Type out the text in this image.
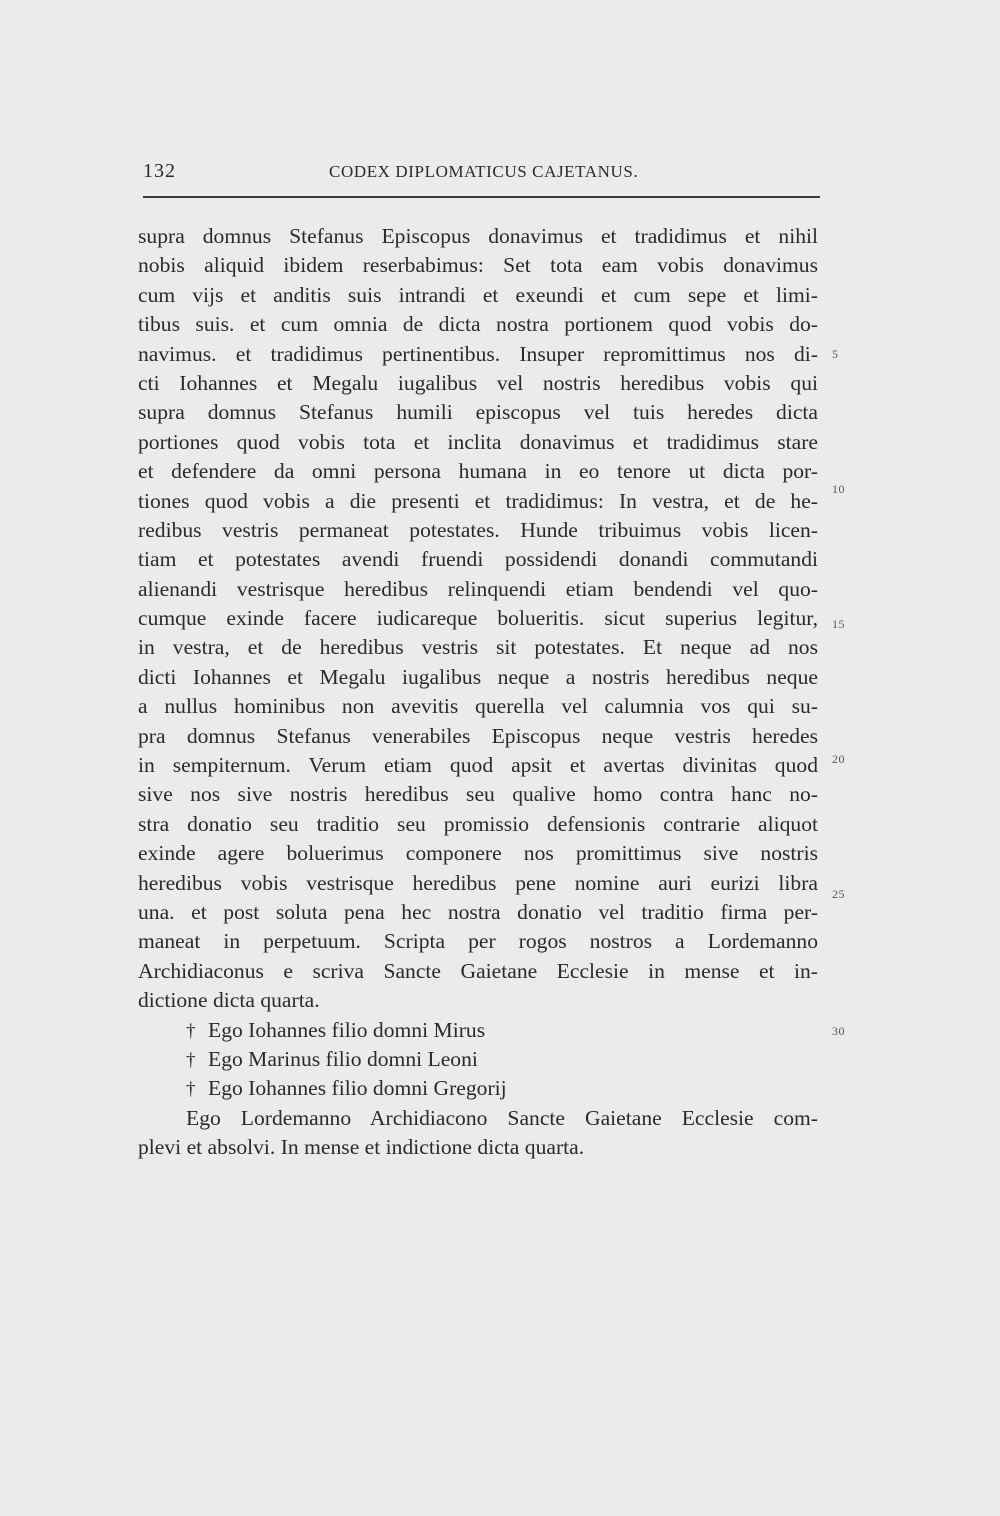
132	CODEX DIPLOMATICUS CAJETANUS.
supra domnus Stefanus Episcopus donavimus et tradidimus et nihil
nobis aliquid ibidem reserbabimus: Set tota eam vobis donavimus
cum vijs et anditis suis intrandi et exeundi et cum sepe et limi-
tibus suis. et cum omnia de dicta nostra portionem quod vobis do-
navimus. et tradidimus pertinentibus. Insuper repromittimus nos di-
cti Iohannes et Megalu iugalibus vel nostris heredibus vobis qui
supra domnus Stefanus humili episcopus vel tuis heredes dicta
portiones quod vobis tota et inclita donavimus et tradidimus stare
et defendere da omni persona humana in eo tenore ut dicta por-
tiones quod vobis a die presenti et tradidimus: In vestra, et de he-
redibus vestris permaneat potestates. Hunde tribuimus vobis licen-
tiam et potestates avendi fruendi possidendi donandi commutandi
alienandi vestrisque heredibus relinquendi etiam bendendi vel quo-
cumque exinde facere iudicareque bolueritis. sicut superius legitur,
in vestra, et de heredibus vestris sit potestates. Et neque ad nos
dicti Iohannes et Megalu iugalibus neque a nostris heredibus neque
a nullus hominibus non avevitis querella vel calumnia vos qui su-
pra domnus Stefanus venerabiles Episcopus neque vestris heredes
in sempiternum. Verum etiam quod apsit et avertas divinitas quod
sive nos sive nostris heredibus seu qualive homo contra hanc no-
stra donatio seu traditio seu promissio defensionis contrarie aliquot
exinde agere boluerimus componere nos promittimus sive nostris
heredibus vobis vestrisque heredibus pene nomine auri eurizi libra
una. et post soluta pena hec nostra donatio vel traditio firma per-
maneat in perpetuum. Scripta per rogos nostros a Lordemanno
Archidiaconus e scriva Sancte Gaietane Ecclesie in mense et in-
dictione dicta quarta.
† Ego Iohannes filio domni Mirus
† Ego Marinus filio domni Leoni
† Ego Iohannes filio domni Gregorij
Ego Lordemanno Archidiacono Sancte Gaietane Ecclesie com-
plevi et absolvi. In mense et indictione dicta quarta.
5
10
15
20
25
30
